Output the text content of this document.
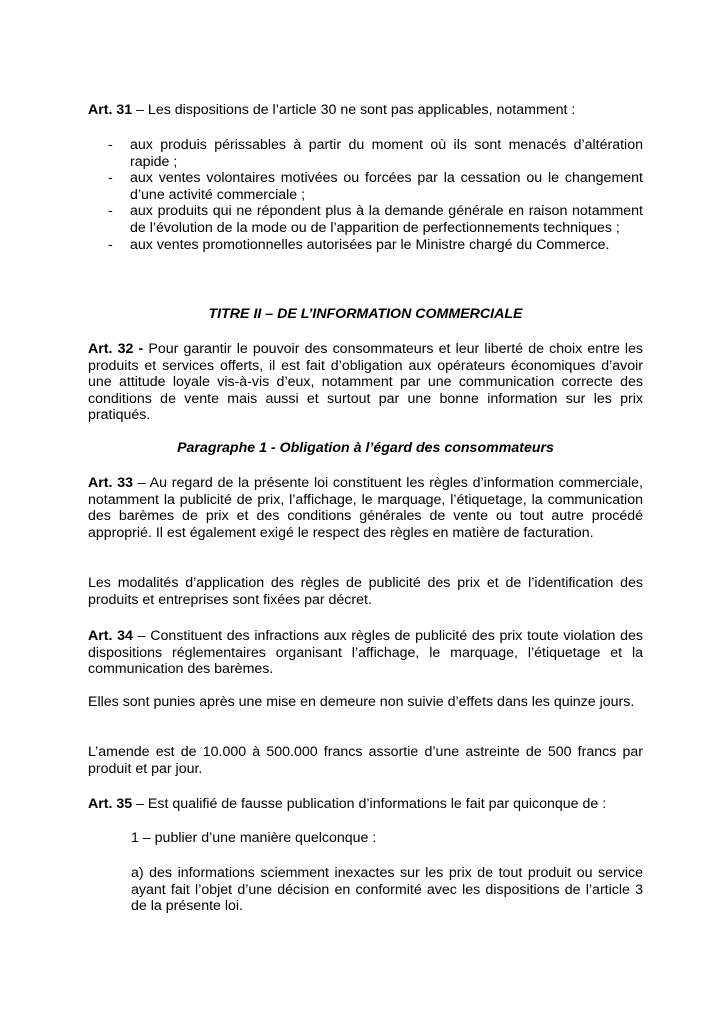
Art. 31 – Les dispositions de l’article 30 ne sont pas applicables, notamment :

- aux produis périssables à partir du moment où ils sont menacés d’altération rapide ;
- aux ventes volontaires motivées ou forcées par la cessation ou le changement d’une activité commerciale ;
- aux produits qui ne répondent plus à la demande générale en raison notamment de l’évolution de la mode ou de l’apparition de perfectionnements techniques ;
- aux ventes promotionnelles autorisées par le Ministre chargé du Commerce.

TITRE II – DE L’INFORMATION COMMERCIALE

Art. 32 - Pour garantir le pouvoir des consommateurs et leur liberté de choix entre les produits et services offerts, il est fait d’obligation aux opérateurs économiques d’avoir une attitude loyale vis-à-vis d’eux, notamment par une communication correcte des conditions de vente mais aussi et surtout par une bonne information sur les prix pratiqués.

Paragraphe 1 - Obligation à l’égard des consommateurs

Art. 33 – Au regard de la présente loi constituent les règles d’information commerciale, notamment la publicité de prix, l’affichage, le marquage, l’étiquetage, la communication des barèmes de prix et des conditions générales de vente ou tout autre procédé approprié. Il est également exigé le respect des règles en matière de facturation.

Les modalités d’application des règles de publicité des prix et de l’identification des produits et entreprises sont fixées par décret.

Art. 34 – Constituent des infractions aux règles de publicité des prix toute violation des dispositions réglementaires organisant l’affichage, le marquage, l’étiquetage et la communication des barèmes.

Elles sont punies après une mise en demeure non suivie d’effets dans les quinze jours.

L’amende est de 10.000 à 500.000 francs assortie d’une astreinte de 500 francs par produit et par jour.

Art. 35 – Est qualifié de fausse publication d’informations le fait par quiconque de :

1 – publier d’une manière quelconque :

a) des informations sciemment inexactes sur les prix de tout produit ou service ayant fait l’objet d’une décision en conformité avec les dispositions de l’article 3 de la présente loi.
